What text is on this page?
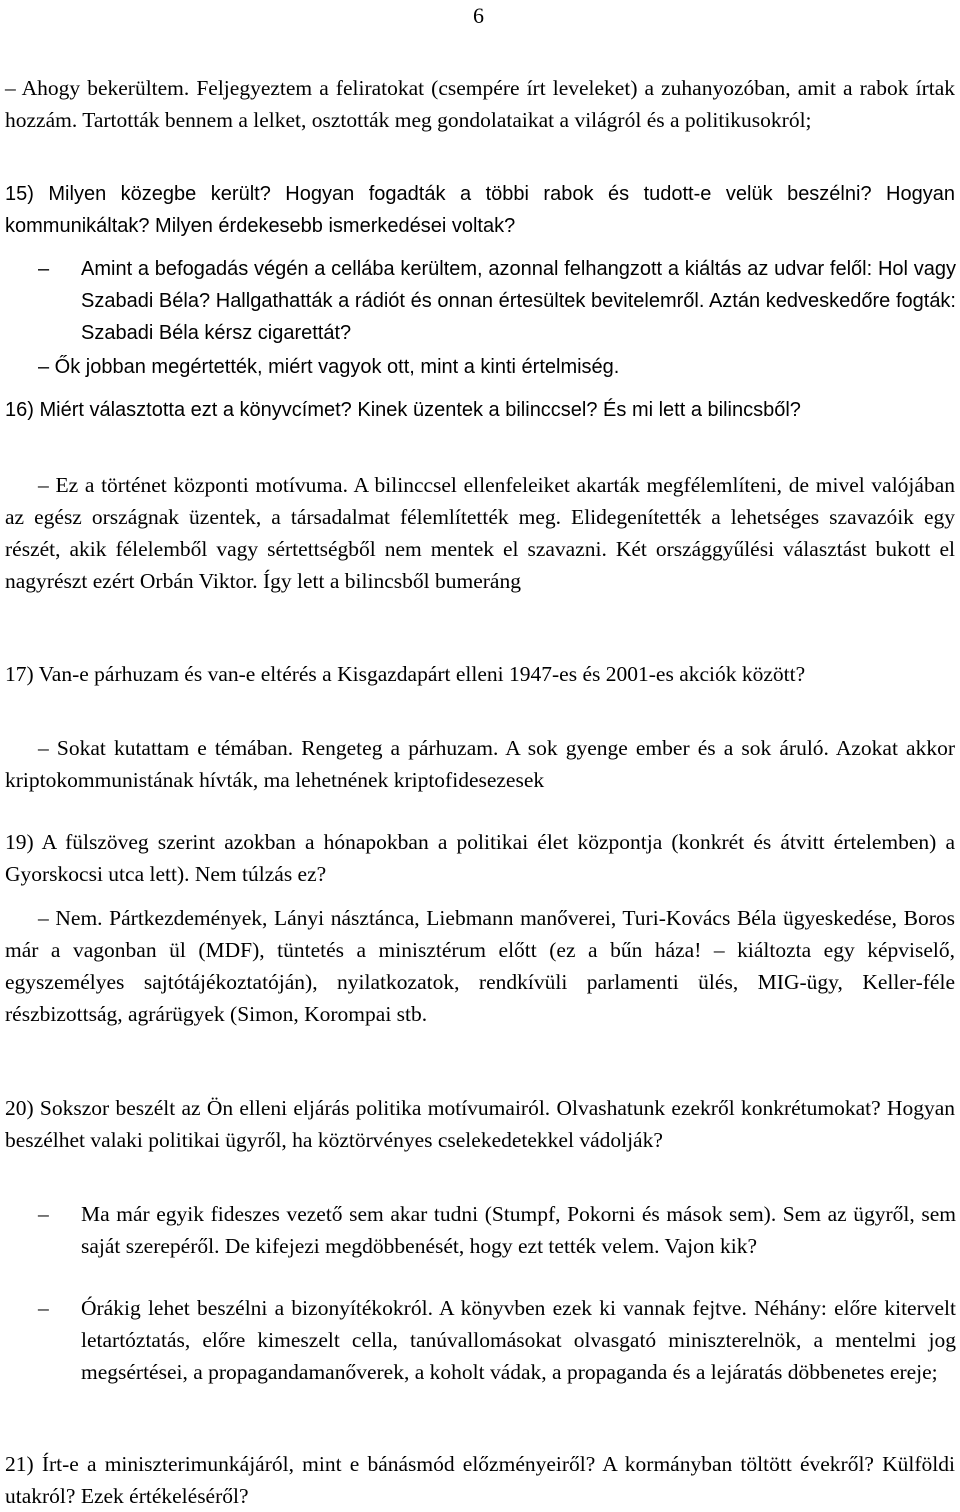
6
– Ahogy bekerültem. Feljegyeztem a feliratokat (csempére írt leveleket) a zuhanyozóban, amit a rabok írtak hozzám. Tartották bennem a lelket, osztották meg gondolataikat a világról és a politikusokról;
15) Milyen közegbe került? Hogyan fogadták a többi rabok és tudott-e velük beszélni? Hogyan kommunikáltak? Milyen érdekesebb ismerkedései voltak?
– Amint a befogadás végén a cellába kerültem, azonnal felhangzott a kiáltás az udvar felől: Hol vagy Szabadi Béla? Hallgathatták a rádiót és onnan értesültek bevitelemről. Aztán kedveskedőre fogták: Szabadi Béla kérsz cigarettát?
– Ők jobban megértették, miért vagyok ott, mint a kinti értelmiség.
16) Miért választotta ezt a könyvcímet? Kinek üzentek a bilinccsel? És mi lett a bilincsből?
– Ez a történet központi motívuma. A bilinccsel ellenfeleiket akarták megfélemlíteni, de mivel valójában az egész országnak üzentek, a társadalmat félemlítették meg. Elidegenítették a lehetséges szavazóik egy részét, akik félelemből vagy sértettségből nem mentek el szavazni. Két országgyűlési választást bukott el nagyrészt ezért Orbán Viktor. Így lett a bilincsből bumeráng
17) Van-e párhuzam és van-e eltérés a Kisgazdapárt elleni 1947-es és 2001-es akciók között?
– Sokat kutattam e témában. Rengeteg a párhuzam. A sok gyenge ember és a sok áruló. Azokat akkor kriptokommunistának hívták, ma lehetnének kriptofidesezesek
19) A fülszöveg szerint azokban a hónapokban a politikai élet központja (konkrét és átvitt értelemben) a Gyorskocsi utca lett). Nem túlzás ez?
– Nem. Pártkezdemények, Lányi násztánca, Liebmann manőverei, Turi-Kovács Béla ügyeskedése, Boros már a vagonban ül (MDF), tüntetés a minisztérum előtt (ez a bűn háza! – kiáltozta egy képviselő, egyszemélyes sajtótájékoztatóján), nyilatkozatok, rendkívüli parlamenti ülés, MIG-ügy, Keller-féle részbizottság, agrárügyek (Simon, Korompai stb.
20) Sokszor beszélt az Ön elleni eljárás politika motívumairól. Olvashatunk ezekről konkrétumokat? Hogyan beszélhet valaki politikai ügyről, ha köztörvényes cselekedetekkel vádolják?
– Ma már egyik fideszes vezető sem akar tudni (Stumpf, Pokorni és mások sem). Sem az ügyről, sem saját szerepéről. De kifejezi megdöbbenését, hogy ezt tették velem. Vajon kik?
– Órákig lehet beszélni a bizonyítékokról. A könyvben ezek ki vannak fejtve. Néhány: előre kitervelt letartóztatás, előre kimeszelt cella, tanúvallomásokat olvasgató miniszterelnök, a mentelmi jog megsértései, a propagandamanőverek, a koholt vádak, a propaganda és a lejáratás döbbenetes ereje;
21) Írt-e a miniszterimunkájáról, mint e bánásmód előzményeiről? A kormányban töltött évekről? Külföldi utakról? Ezek értékeléséről?
